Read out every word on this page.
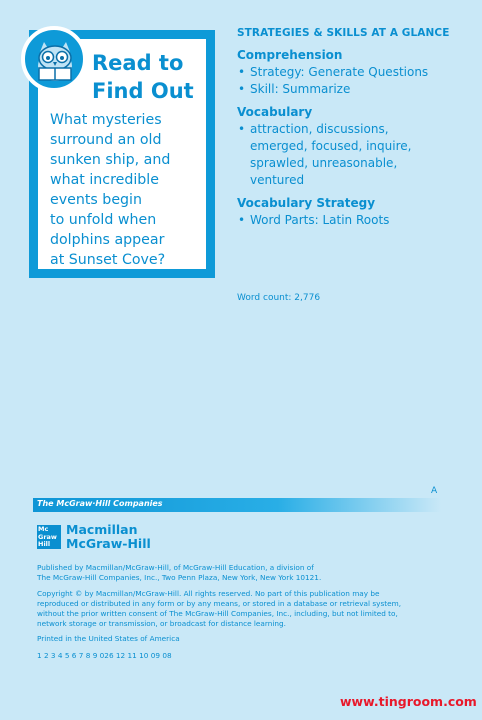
Read to
Find Out
What mysteries
surround an old
sunken ship, and
what incredible
events begin
to unfold when
dolphins appear
at Sunset Cove?
STRATEGIES & SKILLS AT A GLANCE
Comprehension
• Strategy: Generate Questions
• Skill: Summarize
Vocabulary
• attraction, discussions,
emerged, focused, inquire,
sprawled, unreasonable,
ventured
Vocabulary Strategy
• Word Parts: Latin Roots
Word count: 2,776
A
The McGraw·Hill Companies
Mc
Graw
Hill
Macmillan
McGraw-Hill
Published by Macmillan/McGraw-Hill, of McGraw-Hill Education, a division of
The McGraw-Hill Companies, Inc., Two Penn Plaza, New York, New York 10121.
Copyright © by Macmillan/McGraw-Hill. All rights reserved. No part of this publication may be
reproduced or distributed in any form or by any means, or stored in a database or retrieval system,
without the prior written consent of The McGraw-Hill Companies, Inc., including, but not limited to,
network storage or transmission, or broadcast for distance learning.
Printed in the United States of America
1 2 3 4 5 6 7 8 9 026 12 11 10 09 08
www.tingroom.com
